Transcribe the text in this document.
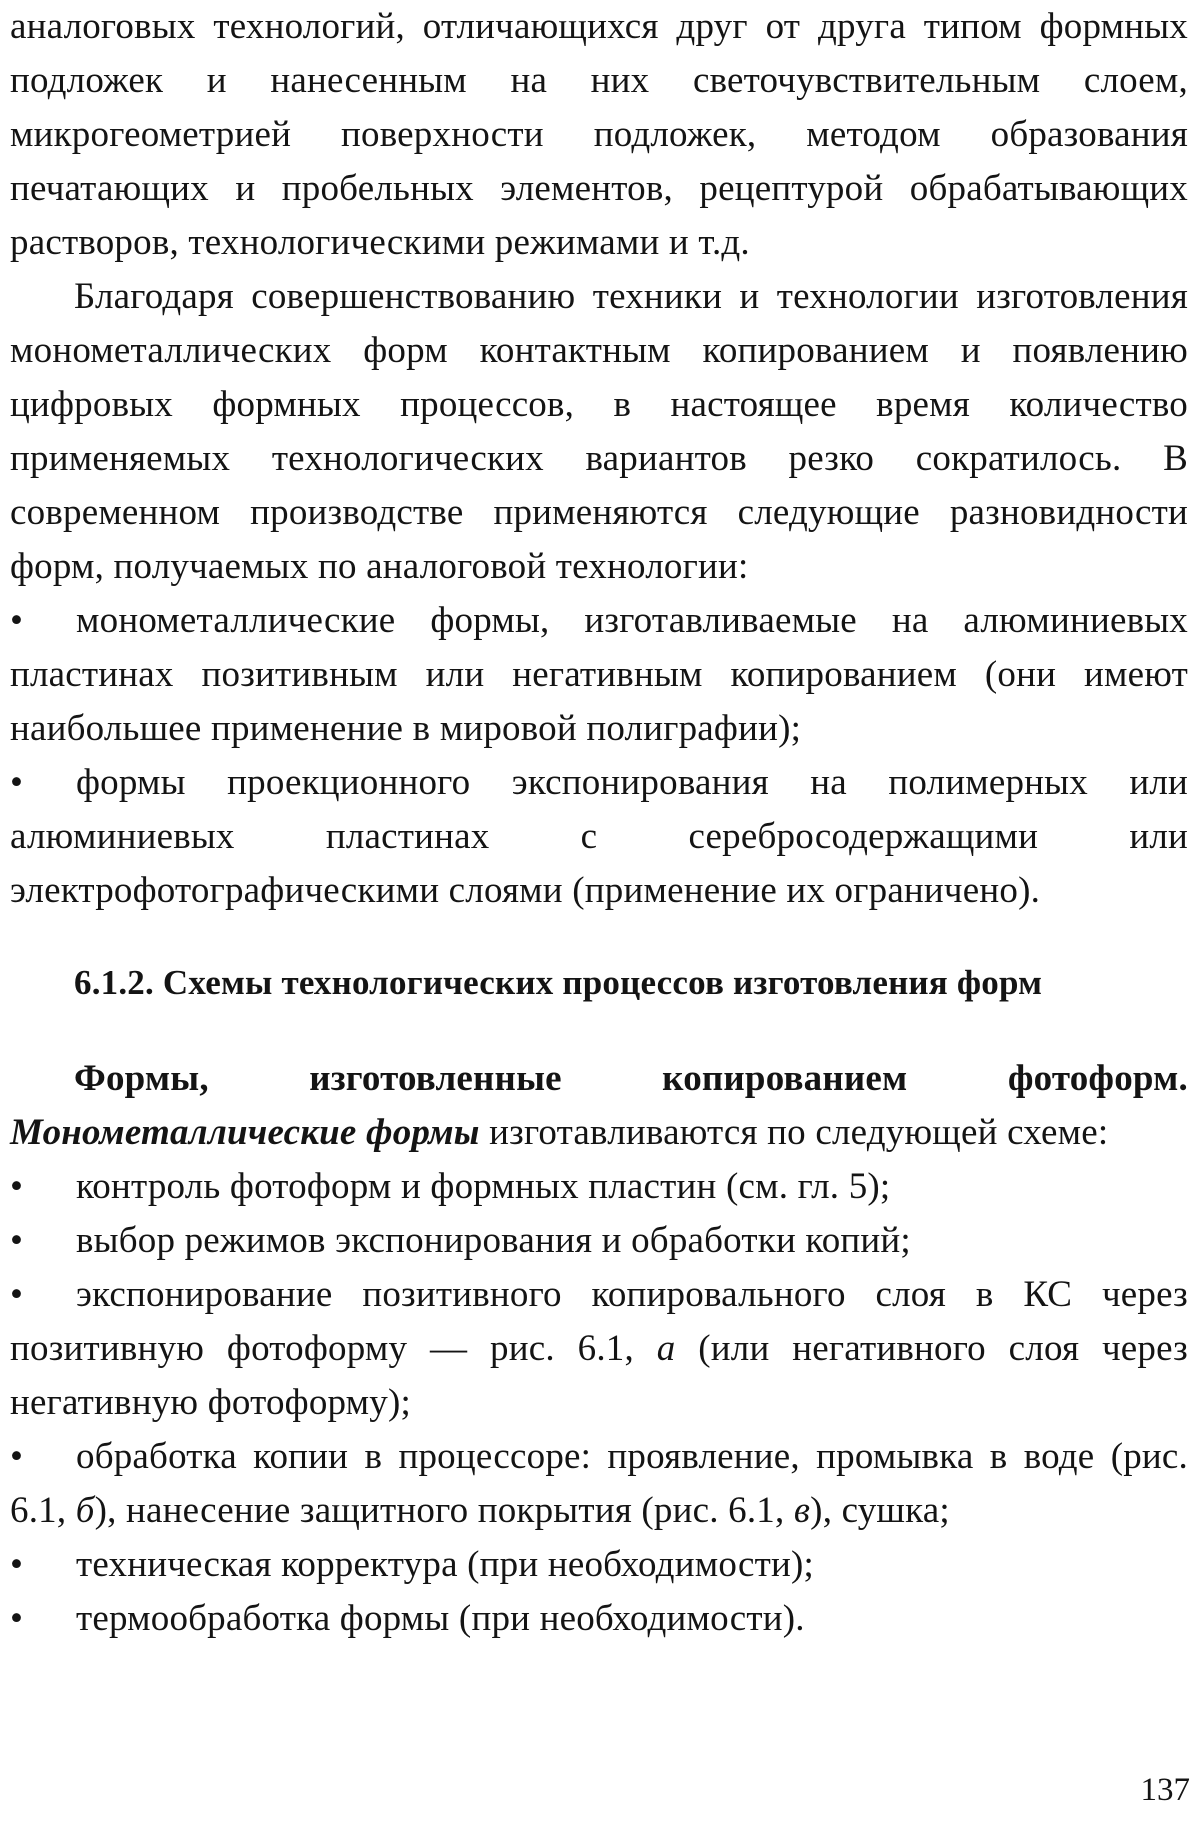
аналоговых технологий, отличающихся друг от друга типом формных подложек и нанесенным на них светочувствительным слоем, микрогеометрией поверхности подложек, методом образования печатающих и пробельных элементов, рецептурой обрабатывающих растворов, технологическими режимами и т.д.

Благодаря совершенствованию техники и технологии изготовления монометаллических форм контактным копированием и появлению цифровых формных процессов, в настоящее время количество применяемых технологических вариантов резко сократилось. В современном производстве применяются следующие разновидности форм, получаемых по аналоговой технологии:

• монометаллические формы, изготавливаемые на алюминиевых пластинах позитивным или негативным копированием (они имеют наибольшее применение в мировой полиграфии);

• формы проекционного экспонирования на полимерных или алюминиевых пластинах с серебросодержащими или электрофотографическими слоями (применение их ограничено).

6.1.2. Схемы технологических процессов изготовления форм

Формы, изготовленные копированием фотоформ. Монометаллические формы изготавливаются по следующей схеме:

• контроль фотоформ и формных пластин (см. гл. 5);

• выбор режимов экспонирования и обработки копий;

• экспонирование позитивного копировального слоя в КС через позитивную фотоформу — рис. 6.1, а (или негативного слоя через негативную фотоформу);

• обработка копии в процессоре: проявление, промывка в воде (рис. 6.1, б), нанесение защитного покрытия (рис. 6.1, в), сушка;

• техническая корректура (при необходимости);

• термообработка формы (при необходимости).

137
